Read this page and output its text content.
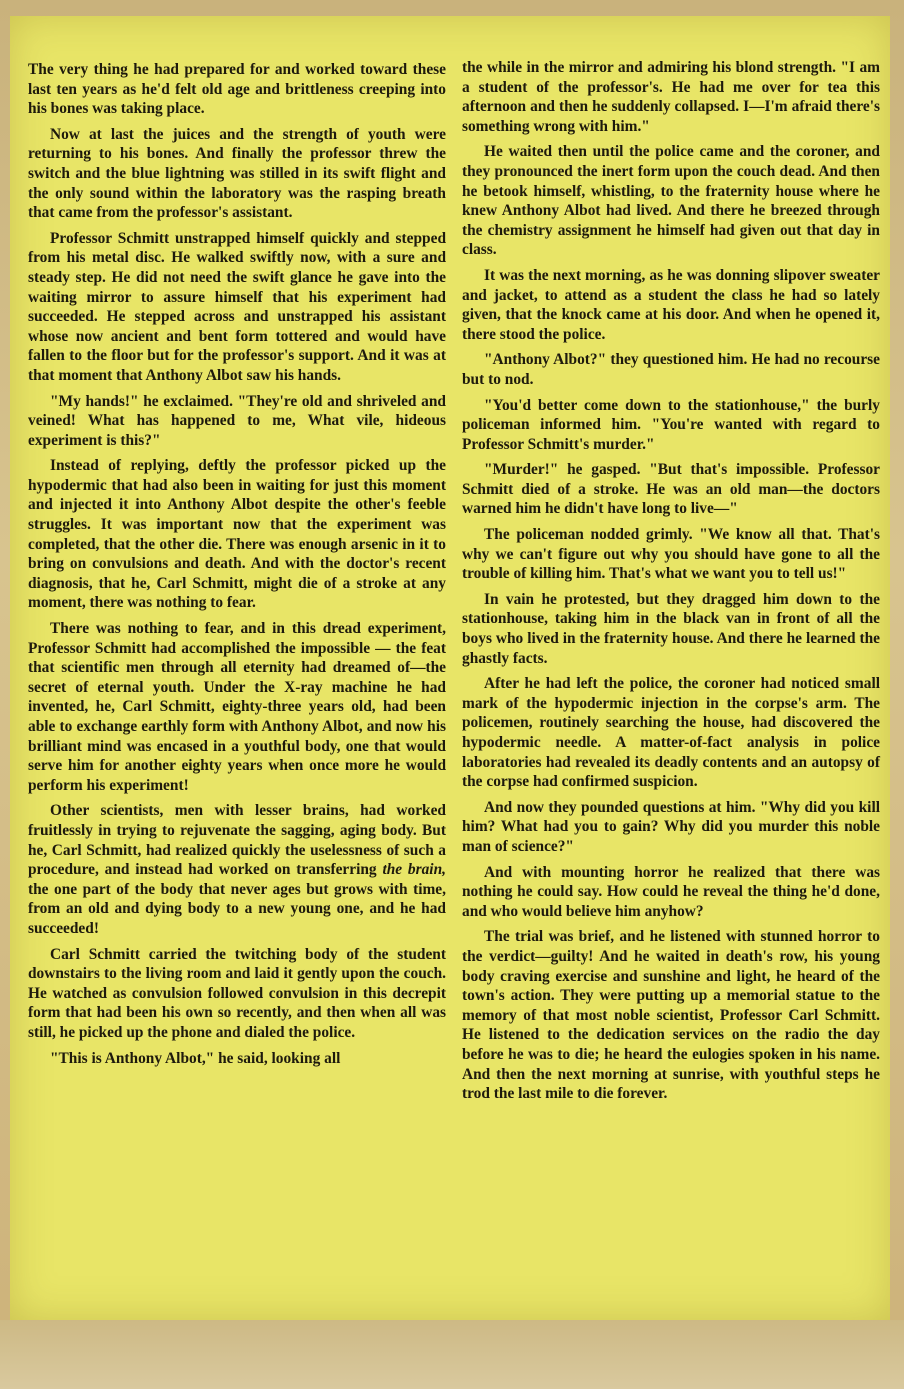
The very thing he had prepared for and worked toward these last ten years as he'd felt old age and brittleness creeping into his bones was taking place.

Now at last the juices and the strength of youth were returning to his bones. And finally the professor threw the switch and the blue lightning was stilled in its swift flight and the only sound within the laboratory was the rasping breath that came from the professor's assistant.

Professor Schmitt unstrapped himself quickly and stepped from his metal disc. He walked swiftly now, with a sure and steady step. He did not need the swift glance he gave into the waiting mirror to assure himself that his experiment had succeeded. He stepped across and unstrapped his assistant whose now ancient and bent form tottered and would have fallen to the floor but for the professor's support. And it was at that moment that Anthony Albot saw his hands.

"My hands!" he exclaimed. "They're old and shriveled and veined! What has happened to me, What vile, hideous experiment is this?"

Instead of replying, deftly the professor picked up the hypodermic that had also been in waiting for just this moment and injected it into Anthony Albot despite the other's feeble struggles. It was important now that the experiment was completed, that the other die. There was enough arsenic in it to bring on convulsions and death. And with the doctor's recent diagnosis, that he, Carl Schmitt, might die of a stroke at any moment, there was nothing to fear.

There was nothing to fear, and in this dread experiment, Professor Schmitt had accomplished the impossible — the feat that scientific men through all eternity had dreamed of—the secret of eternal youth. Under the X-ray machine he had invented, he, Carl Schmitt, eighty-three years old, had been able to exchange earthly form with Anthony Albot, and now his brilliant mind was encased in a youthful body, one that would serve him for another eighty years when once more he would perform his experiment!

Other scientists, men with lesser brains, had worked fruitlessly in trying to rejuvenate the sagging, aging body. But he, Carl Schmitt, had realized quickly the uselessness of such a procedure, and instead had worked on transferring the brain, the one part of the body that never ages but grows with time, from an old and dying body to a new young one, and he had succeeded!

Carl Schmitt carried the twitching body of the student downstairs to the living room and laid it gently upon the couch. He watched as convulsion followed convulsion in this decrepit form that had been his own so recently, and then when all was still, he picked up the phone and dialed the police.

"This is Anthony Albot," he said, looking all

the while in the mirror and admiring his blond strength. "I am a student of the professor's. He had me over for tea this afternoon and then he suddenly collapsed. I—I'm afraid there's something wrong with him."

He waited then until the police came and the coroner, and they pronounced the inert form upon the couch dead. And then he betook himself, whistling, to the fraternity house where he knew Anthony Albot had lived. And there he breezed through the chemistry assignment he himself had given out that day in class.

It was the next morning, as he was donning slipover sweater and jacket, to attend as a student the class he had so lately given, that the knock came at his door. And when he opened it, there stood the police.

"Anthony Albot?" they questioned him. He had no recourse but to nod.

"You'd better come down to the stationhouse," the burly policeman informed him. "You're wanted with regard to Professor Schmitt's murder."

"Murder!" he gasped. "But that's impossible. Professor Schmitt died of a stroke. He was an old man—the doctors warned him he didn't have long to live—"

The policeman nodded grimly. "We know all that. That's why we can't figure out why you should have gone to all the trouble of killing him. That's what we want you to tell us!"

In vain he protested, but they dragged him down to the stationhouse, taking him in the black van in front of all the boys who lived in the fraternity house. And there he learned the ghastly facts.

After he had left the police, the coroner had noticed small mark of the hypodermic injection in the corpse's arm. The policemen, routinely searching the house, had discovered the hypodermic needle. A matter-of-fact analysis in police laboratories had revealed its deadly contents and an autopsy of the corpse had confirmed suspicion.

And now they pounded questions at him. "Why did you kill him? What had you to gain? Why did you murder this noble man of science?"

And with mounting horror he realized that there was nothing he could say. How could he reveal the thing he'd done, and who would believe him anyhow?

The trial was brief, and he listened with stunned horror to the verdict—guilty! And he waited in death's row, his young body craving exercise and sunshine and light, he heard of the town's action. They were putting up a memorial statue to the memory of that most noble scientist, Professor Carl Schmitt. He listened to the dedication services on the radio the day before he was to die; he heard the eulogies spoken in his name. And then the next morning at sunrise, with youthful steps he trod the last mile to die forever.
